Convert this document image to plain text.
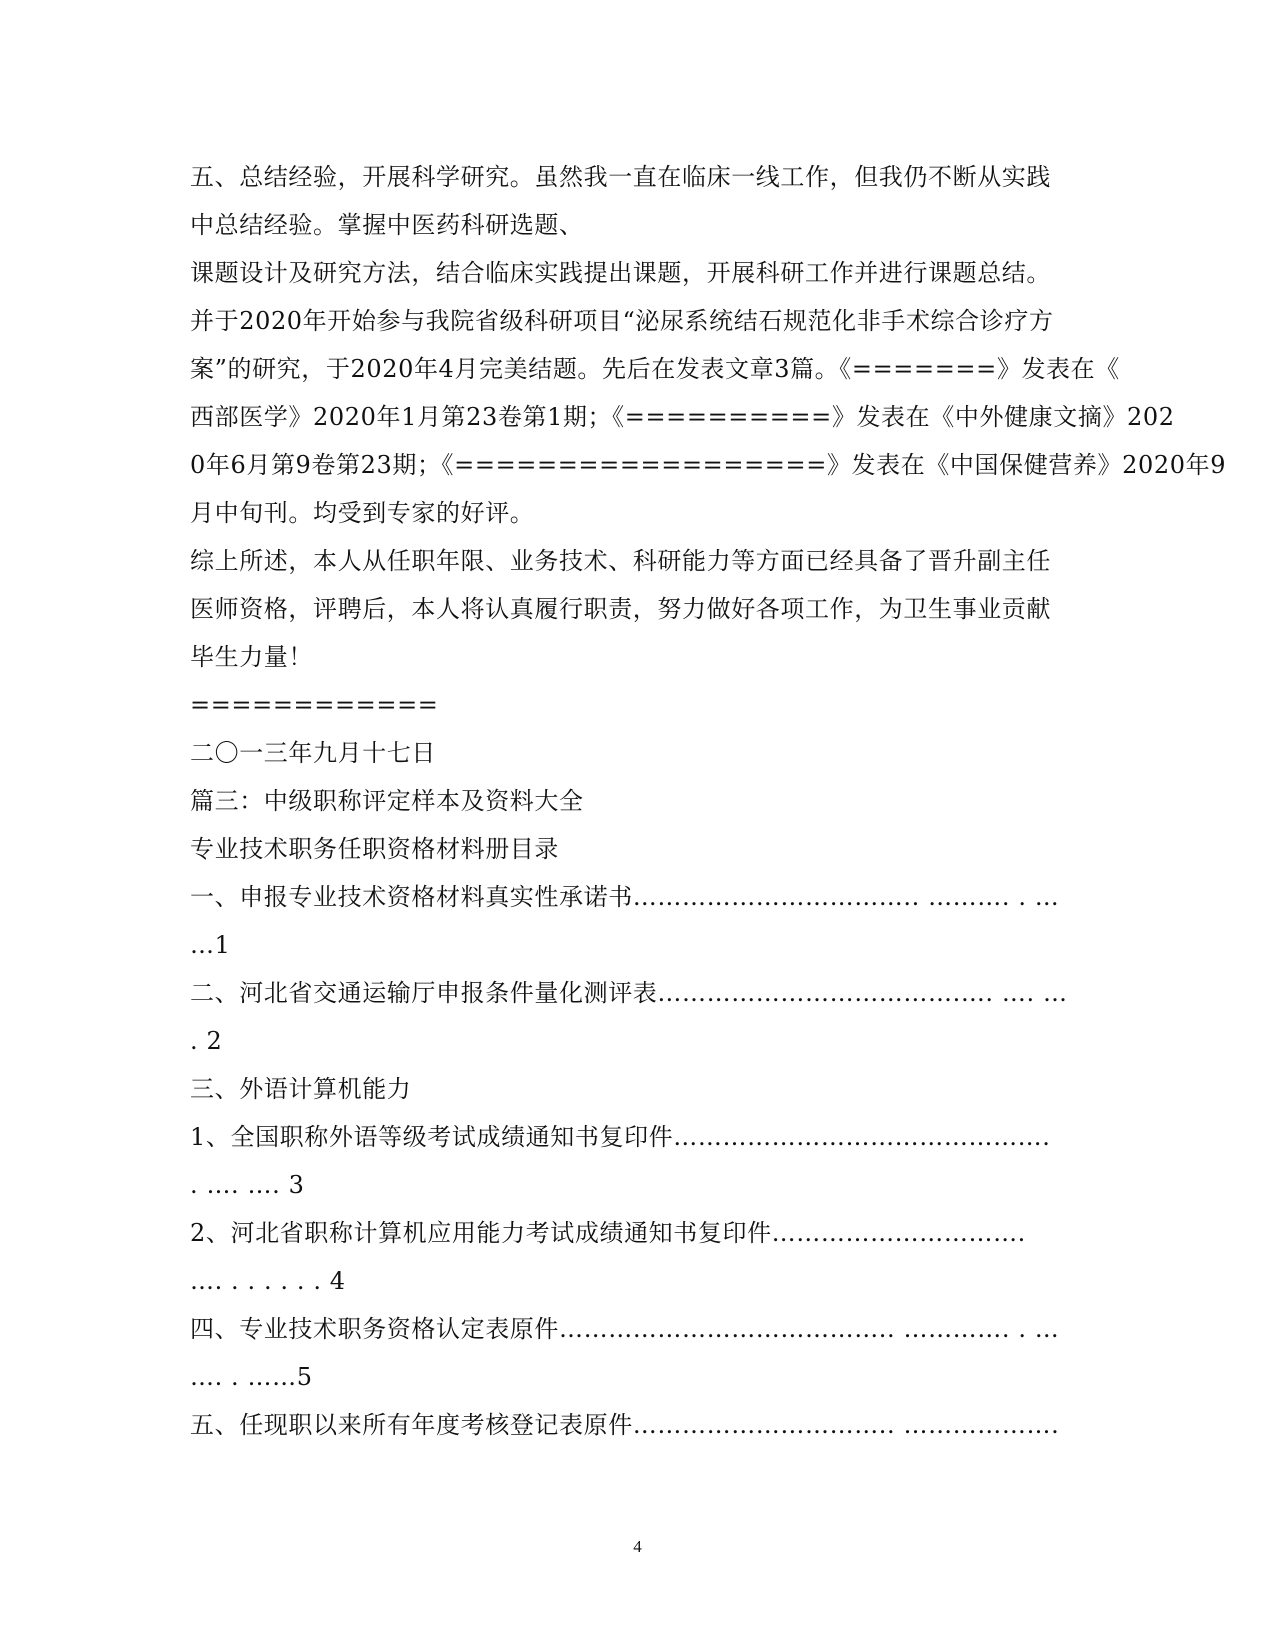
五、总结经验，开展科学研究。虽然我一直在临床一线工作，但我仍不断从实践
中总结经验。掌握中医药科研选题、
课题设计及研究方法，结合临床实践提出课题，开展科研工作并进行课题总结。
并于2020年开始参与我院省级科研项目“泌尿系统结石规范化非手术综合诊疗方
案”的研究，于2020年4月完美结题。先后在发表文章3篇。《=======》发表在《
西部医学》2020年1月第23卷第1期；《==========》发表在《中外健康文摘》202
0年6月第9卷第23期；《==================》发表在《中国保健营养》2020年9
月中旬刊。均受到专家的好评。
综上所述，本人从任职年限、业务技术、科研能力等方面已经具备了晋升副主任
医师资格，评聘后，本人将认真履行职责，努力做好各项工作，为卫生事业贡献
毕生力量！
============
二〇一三年九月十七日
篇三：中级职称评定样本及资料大全
专业技术职务任职资格材料册目录
一、申报专业技术资格材料真实性承诺书…………………………….. ………. . …
…1
二、河北省交通运输厅申报条件量化测评表……………………………….…. …. …
. 2
三、外语计算机能力
1、全国职称外语等级考试成绩通知书复印件……………………………………….
. …. …. 3
2、河北省职称计算机应用能力考试成绩通知书复印件………………………….
…. . . . . . . 4
四、专业技术职务资格认定表原件………………………………….. …………. . …
…. . ……5
五、任现职以来所有年度考核登记表原件………………………….. ……………….
4
